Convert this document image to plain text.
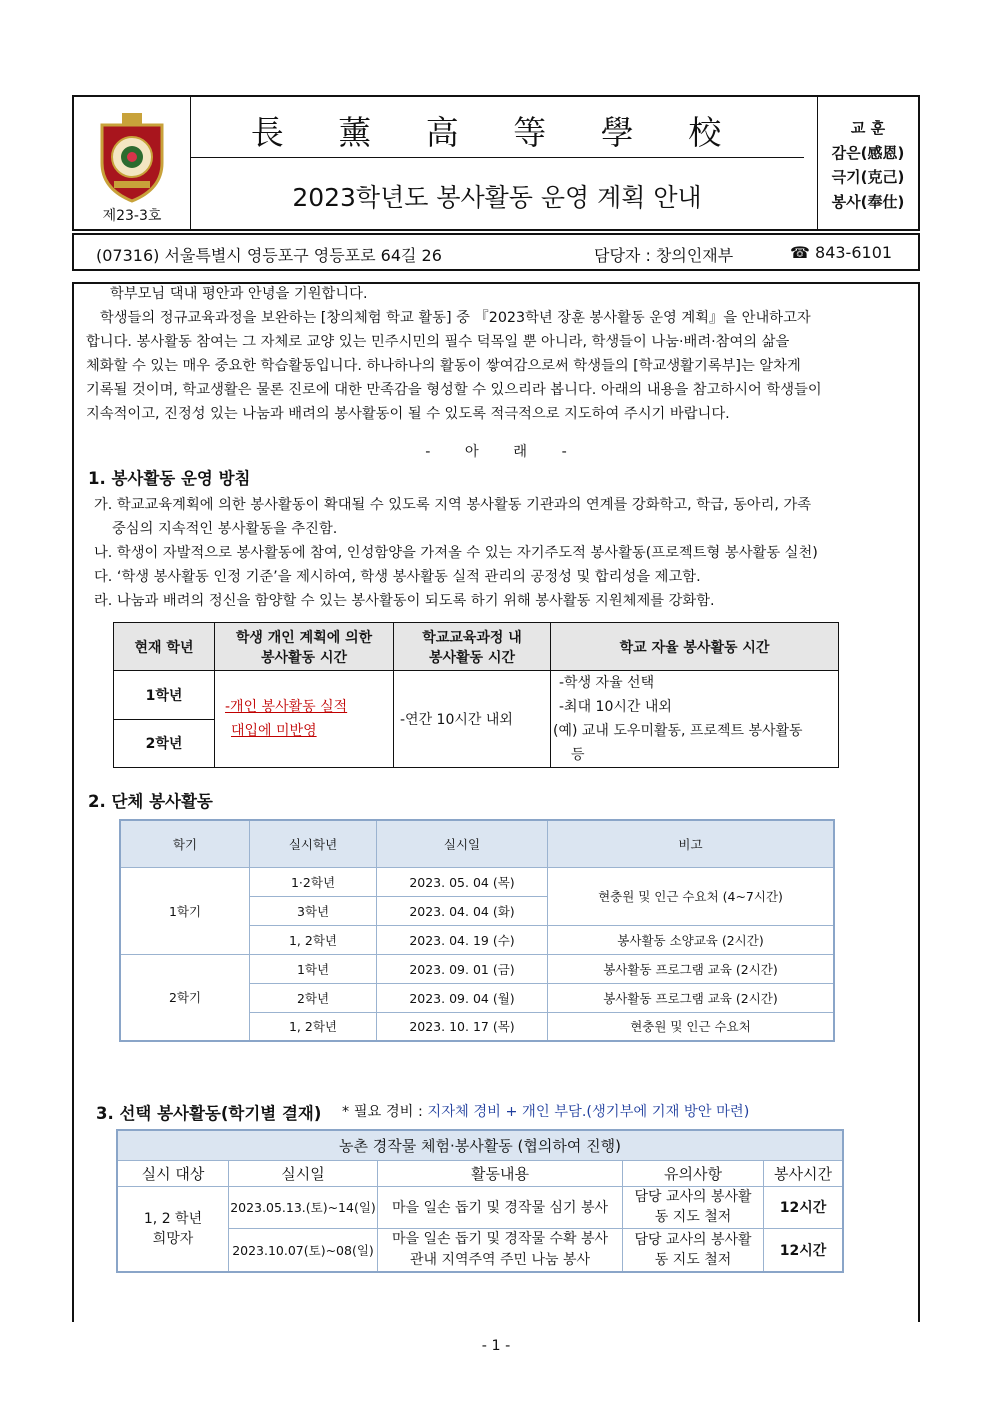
제23-3호
長 薰 高 等 學 校
2023학년도 봉사활동 운영 계획 안내
교 훈
감은(感恩)
극기(克己)
봉사(奉仕)
(07316) 서울특별시 영등포구 영등포로 64길 26	담당자 : 창의인재부	☎ 843-6101
학부모님 댁내 평안과 안녕을 기원합니다.
학생들의 정규교육과정을 보완하는 [창의체험 학교 활동] 중 『2023학년 장훈 봉사활동 운영 계획』을 안내하고자
합니다. 봉사활동 참여는 그 자체로 교양 있는 민주시민의 필수 덕목일 뿐 아니라, 학생들이 나눔·배려·참여의 삶을
체화할 수 있는 매우 중요한 학습활동입니다. 하나하나의 활동이 쌓여감으로써 학생들의 [학교생활기록부]는 알차게
기록될 것이며, 학교생활은 물론 진로에 대한 만족감을 형성할 수 있으리라 봅니다. 아래의 내용을 참고하시어 학생들이
지속적이고, 진정성 있는 나눔과 배려의 봉사활동이 될 수 있도록 적극적으로 지도하여 주시기 바랍니다.
- 아 래 -
1. 봉사활동 운영 방침
가. 학교교육계획에 의한 봉사활동이 확대될 수 있도록 지역 봉사활동 기관과의 연계를 강화학고, 학급, 동아리, 가족
중심의 지속적인 봉사활동을 추진함.
나. 학생이 자발적으로 봉사활동에 참여, 인성함양을 가져올 수 있는 자기주도적 봉사활동(프로젝트형 봉사활동 실천)
다. ‘학생 봉사활동 인정 기준’을 제시하여, 학생 봉사활동 실적 관리의 공정성 및 합리성을 제고함.
라. 나눔과 배려의 정신을 함양할 수 있는 봉사활동이 되도록 하기 위해 봉사활동 지원체제를 강화함.
현재 학년	학생 개인 계획에 의한
봉사활동 시간	학교교육과정 내
봉사활동 시간	학교 자율 봉사활동 시간
1학년	-개인 봉사활동 실적
대입에 미반영	-연간 10시간 내외	-학생 자율 선택
-최대 10시간 내외
(예) 교내 도우미활동, 프로젝트 봉사활동
등
2학년			
2. 단체 봉사활동
학기	실시학년	실시일	비고
1학기	1·2학년	2023. 05. 04 (목)	현충원 및 인근 수요처 (4~7시간)
	3학년	2023. 04. 04 (화)	
	1, 2학년	2023. 04. 19 (수)	봉사활동 소양교육 (2시간)
2학기	1학년	2023. 09. 01 (금)	봉사활동 프로그램 교육 (2시간)
	2학년	2023. 09. 04 (월)	봉사활동 프로그램 교육 (2시간)
	1, 2학년	2023. 10. 17 (목)	현충원 및 인근 수요처
3. 선택 봉사활동(학기별 결재) * 필요 경비 : 지자체 경비 + 개인 부담.(생기부에 기재 방안 마련)
농촌 경작물 체험·봉사활동 (협의하여 진행)				
실시 대상	실시일	활동내용	유의사항	봉사시간
1, 2 학년
희망자	2023.05.13.(토)~14(일)	마을 일손 돕기 및 경작물 심기 봉사	담당 교사의 봉사활
동 지도 철저	12시간
	2023.10.07(토)~08(일)	마을 일손 돕기 및 경작물 수확 봉사
관내 지역주역 주민 나눔 봉사	담당 교사의 봉사활
동 지도 철저	12시간
- 1 -
